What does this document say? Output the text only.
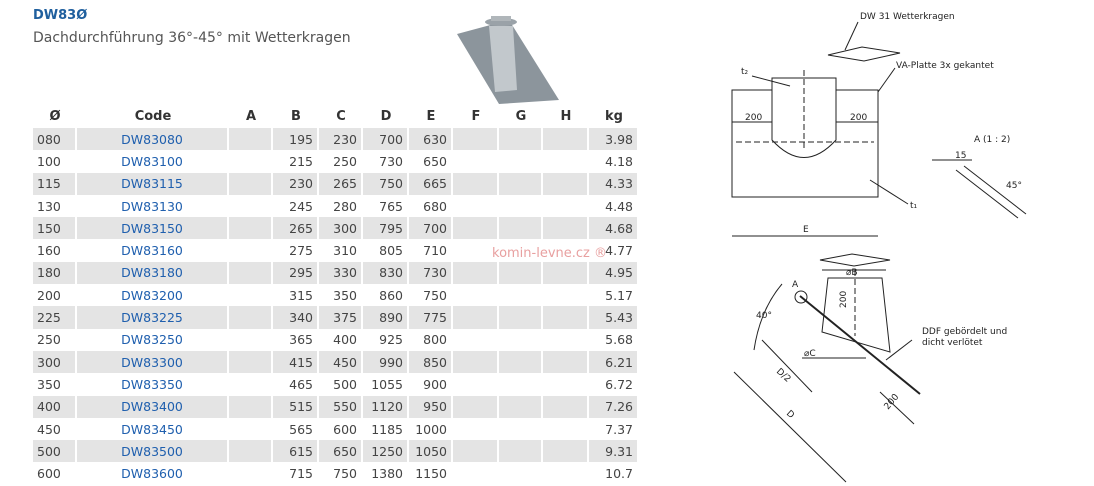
DW83Ø
Dachdurchführung 36°-45° mit Wetterkragen
Ø	Code	A	B	C	D	E	F	G	H	kg
080	DW83080		195	230	700	630				3.98
100	DW83100		215	250	730	650				4.18
115	DW83115		230	265	750	665				4.33
130	DW83130		245	280	765	680				4.48
150	DW83150		265	300	795	700				4.68
160	DW83160		275	310	805	710				4.77
180	DW83180		295	330	830	730				4.95
200	DW83200		315	350	860	750				5.17
225	DW83225		340	375	890	775				5.43
250	DW83250		365	400	925	800				5.68
300	DW83300		415	450	990	850				6.21
350	DW83350		465	500	1055	900				6.72
400	DW83400		515	550	1120	950				7.26
450	DW83450		565	600	1185	1000				7.37
500	DW83500		615	650	1250	1050				9.31
600	DW83600		715	750	1380	1150				10.7
komin-levne.cz ®
DW 31 Wetterkragen
200	200
t₂
t₁
VA-Platte 3x gekantet
E
A (1 : 2)
15
45°
⌀B
200
A
40°
⌀C
D/2
D
200
DDF gebördelt und
dicht verlötet
